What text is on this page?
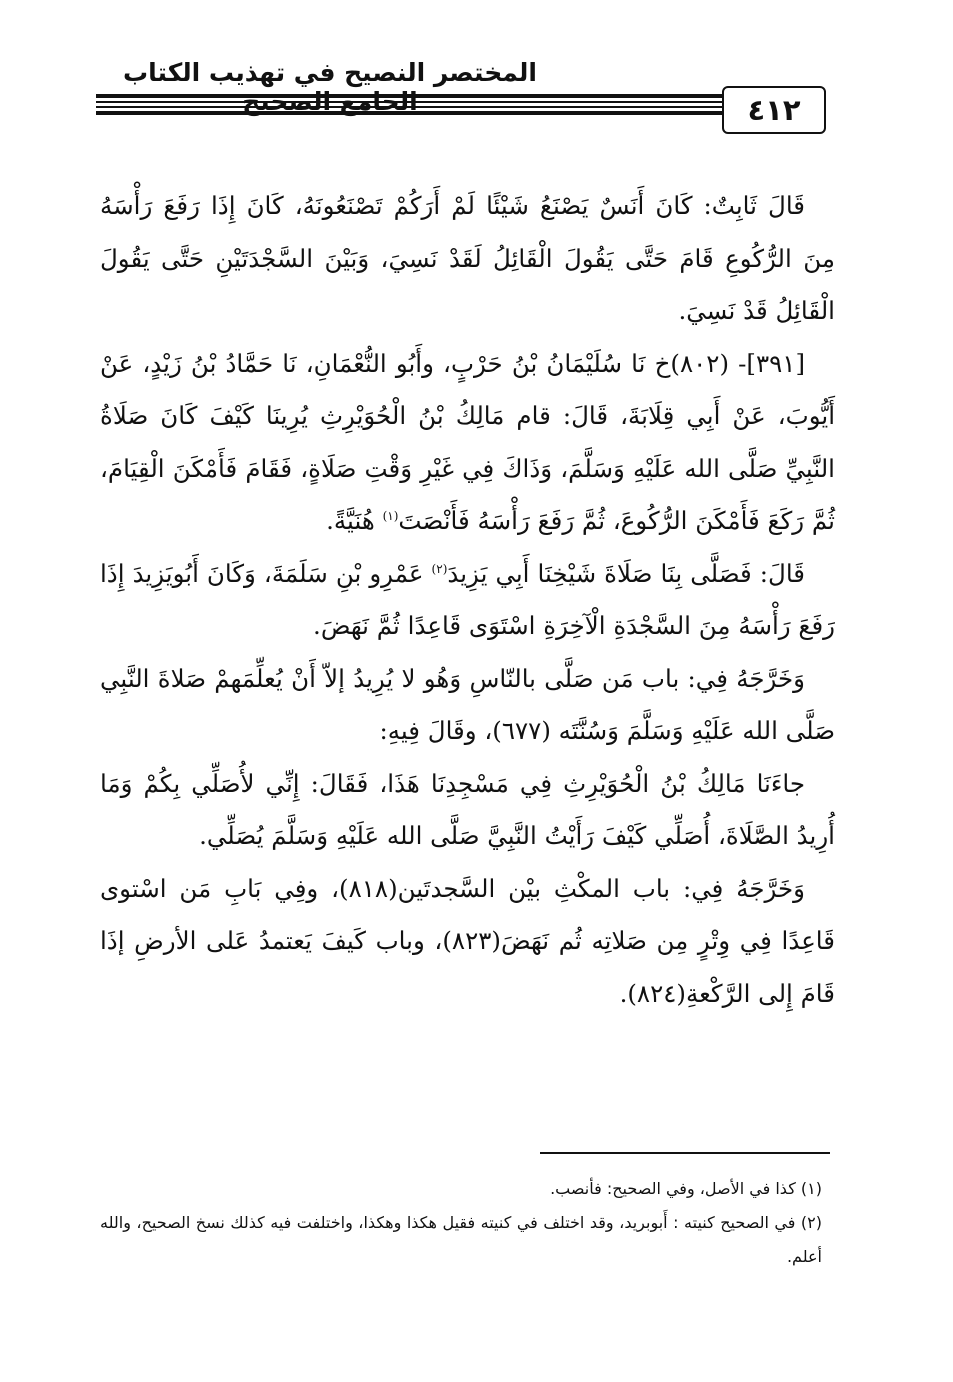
المختصر النصيح في تهذيب الكتاب
٤١٢

قَالَ ثَابِتٌ: كَانَ أَنَسٌ يَصْنَعُ شَيْئًا لَمْ أَرَكُمْ تَصْنَعُونَهُ، كَانَ إِذَا رَفَعَ رَأْسَهُ مِنَ الرُّكُوعِ قَامَ حَتَّى يَقُولَ الْقَائِلُ لَقَدْ نَسِيَ، وَبَيْنَ السَّجْدَتَيْنِ حَتَّى يَقُولَ الْقَائِلُ قَدْ نَسِيَ.

[٣٩١]- (٨٠٢)خ نَا سُلَيْمَانُ بْنُ حَرْبٍ، وأَبُو النُّعْمَانِ، نَا حَمَّادُ بْنُ زَيْدٍ، عَنْ أَيُّوبَ، عَنْ أَبِي قِلَابَةَ، قَالَ: قام مَالِكُ بْنُ الْحُوَيْرِثِ يُرِينَا كَيْفَ كَانَ صَلَاةُ النَّبِيِّ صَلَّى الله عَلَيْهِ وَسَلَّمَ، وَذَاكَ فِي غَيْرِ وَقْتِ صَلَاةٍ، فَقَامَ فَأَمْكَنَ الْقِيَامَ، ثُمَّ رَكَعَ فَأَمْكَنَ الرُّكُوعَ، ثُمَّ رَفَعَ رَأْسَهُ فَأَنْصَتَ$^{(١)}$ هُنَيَّةً.

قَالَ: فَصَلَّى بِنَا صَلَاةَ شَيْخِنَا أَبِي يَزِيدَ$^{(٢)}$ عَمْرِو بْنِ سَلَمَةَ، وَكَانَ أَبُويَزِيدَ إِذَا رَفَعَ رَأْسَهُ مِنَ السَّجْدَةِ الْآخِرَةِ اسْتَوَى قَاعِدًا ثُمَّ نَهَضَ.

وَخَرَّجَهُ فِي: باب مَن صَلَّى بالنّاسِ وَهُو لا يُرِيدُ إلاّ أَنْ يُعلِّمَهمْ صَلاةَ النَّبِي صَلَّى الله عَلَيْهِ وَسَلَّمَ وَسُنَّتَه (٦٧٧)، وقَالَ فِيهِ:

جاءَنَا مَالِكُ بْنُ الْحُوَيْرِثِ فِي مَسْجِدِنَا هَذَا، فَقَالَ: إِنِّي لأُصَلِّي بِكُمْ وَمَا أُرِيدُ الصَّلَاةَ، أُصَلِّي كَيْفَ رَأَيْتُ النَّبِيَّ صَلَّى الله عَلَيْهِ وَسَلَّمَ يُصَلِّي.

وَخَرَّجَهُ فِي: باب المكْثِ بيْن السَّجدتَين(٨١٨)، وفِي بَابِ مَن اسْتوى قَاعِدًا فِي وِتْرٍ مِن صَلاتِه ثُم نَهَضَ(٨٢٣)، وباب كَيفَ يَعتمدُ عَلى الأرضِ إذَا قَامَ إِلى الرَّكْعةِ(٨٢٤).

(١) كذا في الأصل، وفي الصحيح: فأنصب.

(٢) في الصحيح كنيته : أَبوبريد، وقد اختلف في كنيته فقيل هكذا وهكذا، واختلفت فيه كذلك نسخ الصحيح، والله أعلم.
